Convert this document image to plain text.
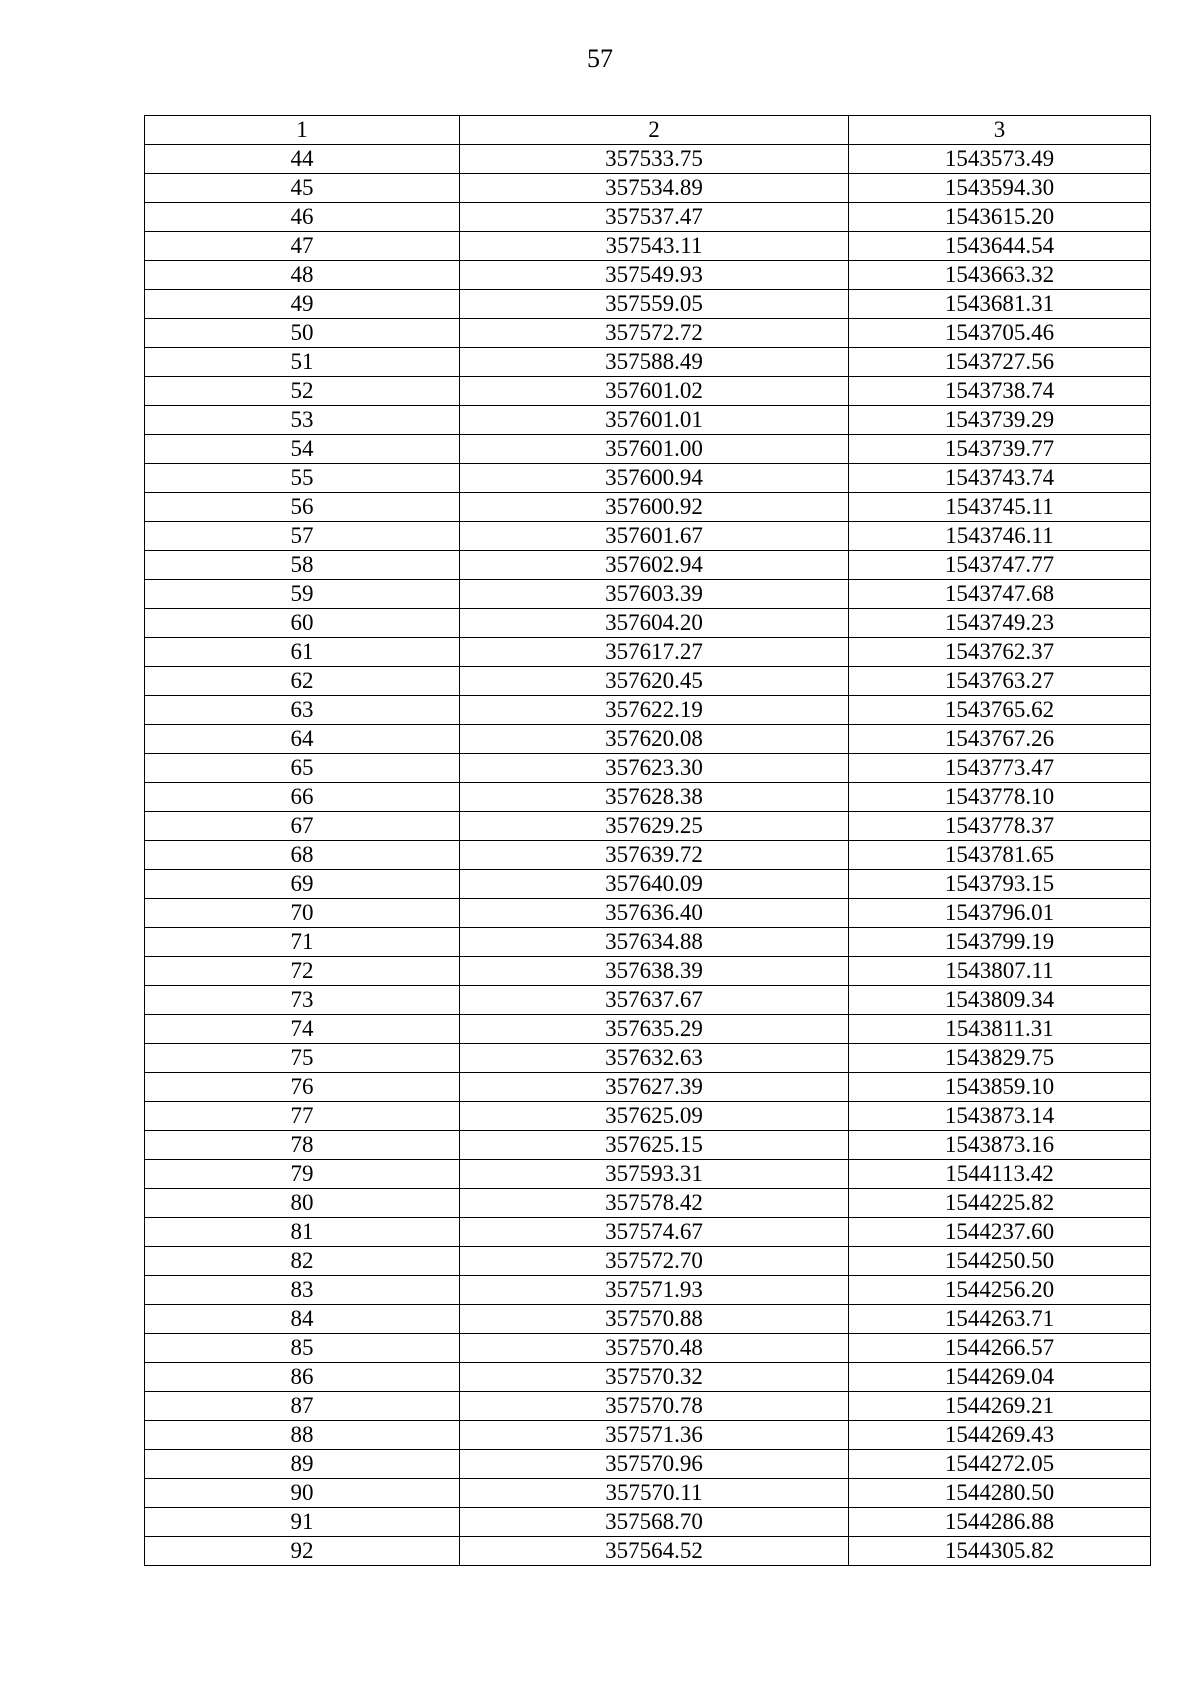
57
1	2	3
44	357533.75	1543573.49
45	357534.89	1543594.30
46	357537.47	1543615.20
47	357543.11	1543644.54
48	357549.93	1543663.32
49	357559.05	1543681.31
50	357572.72	1543705.46
51	357588.49	1543727.56
52	357601.02	1543738.74
53	357601.01	1543739.29
54	357601.00	1543739.77
55	357600.94	1543743.74
56	357600.92	1543745.11
57	357601.67	1543746.11
58	357602.94	1543747.77
59	357603.39	1543747.68
60	357604.20	1543749.23
61	357617.27	1543762.37
62	357620.45	1543763.27
63	357622.19	1543765.62
64	357620.08	1543767.26
65	357623.30	1543773.47
66	357628.38	1543778.10
67	357629.25	1543778.37
68	357639.72	1543781.65
69	357640.09	1543793.15
70	357636.40	1543796.01
71	357634.88	1543799.19
72	357638.39	1543807.11
73	357637.67	1543809.34
74	357635.29	1543811.31
75	357632.63	1543829.75
76	357627.39	1543859.10
77	357625.09	1543873.14
78	357625.15	1543873.16
79	357593.31	1544113.42
80	357578.42	1544225.82
81	357574.67	1544237.60
82	357572.70	1544250.50
83	357571.93	1544256.20
84	357570.88	1544263.71
85	357570.48	1544266.57
86	357570.32	1544269.04
87	357570.78	1544269.21
88	357571.36	1544269.43
89	357570.96	1544272.05
90	357570.11	1544280.50
91	357568.70	1544286.88
92	357564.52	1544305.82
